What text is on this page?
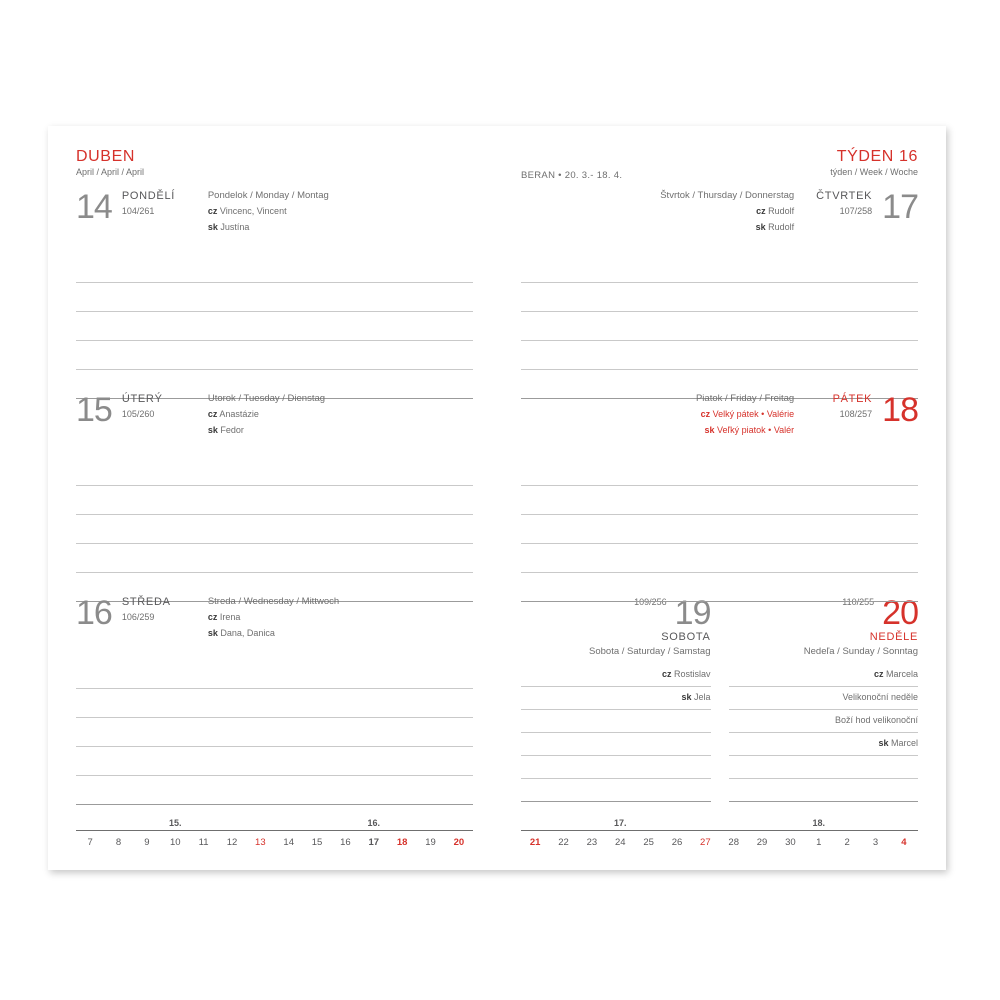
DUBEN
April / April / April
14 PONDĚLÍ
104/261
Pondelok / Monday / Montag
cz Vincenc, Vincent
sk Justína
15 ÚTERÝ
105/260
Utorok / Tuesday / Dienstag
cz Anastázie
sk Fedor
16 STŘEDA
106/259
Streda / Wednesday / Mittwoch
cz Irena
sk Dana, Danica
15.	16.
7	8	9	10	11	12	13	14	15	16	17	18	19	20
TÝDEN 16
týden / Week / Woche
BERAN • 20. 3.- 18. 4.
Štvrtok / Thursday / Donnerstag
cz Rudolf
sk Rudolf
ČTVRTEK
107/258 17
Piatok / Friday / Freitag
cz Velký pátek • Valérie
sk Veľký piatok • Valér
PÁTEK
108/257 18
109/256 19
SOBOTA
Sobota / Saturday / Samstag
cz Rostislav
sk Jela
110/255 20
NEDĚLE
Nedeľa / Sunday / Sonntag
cz Marcela
Velikonoční neděle
Boží hod velikonoční
sk Marcel
17.	18.
21	22	23	24	25	26	27	28	29	30	1	2	3	4
